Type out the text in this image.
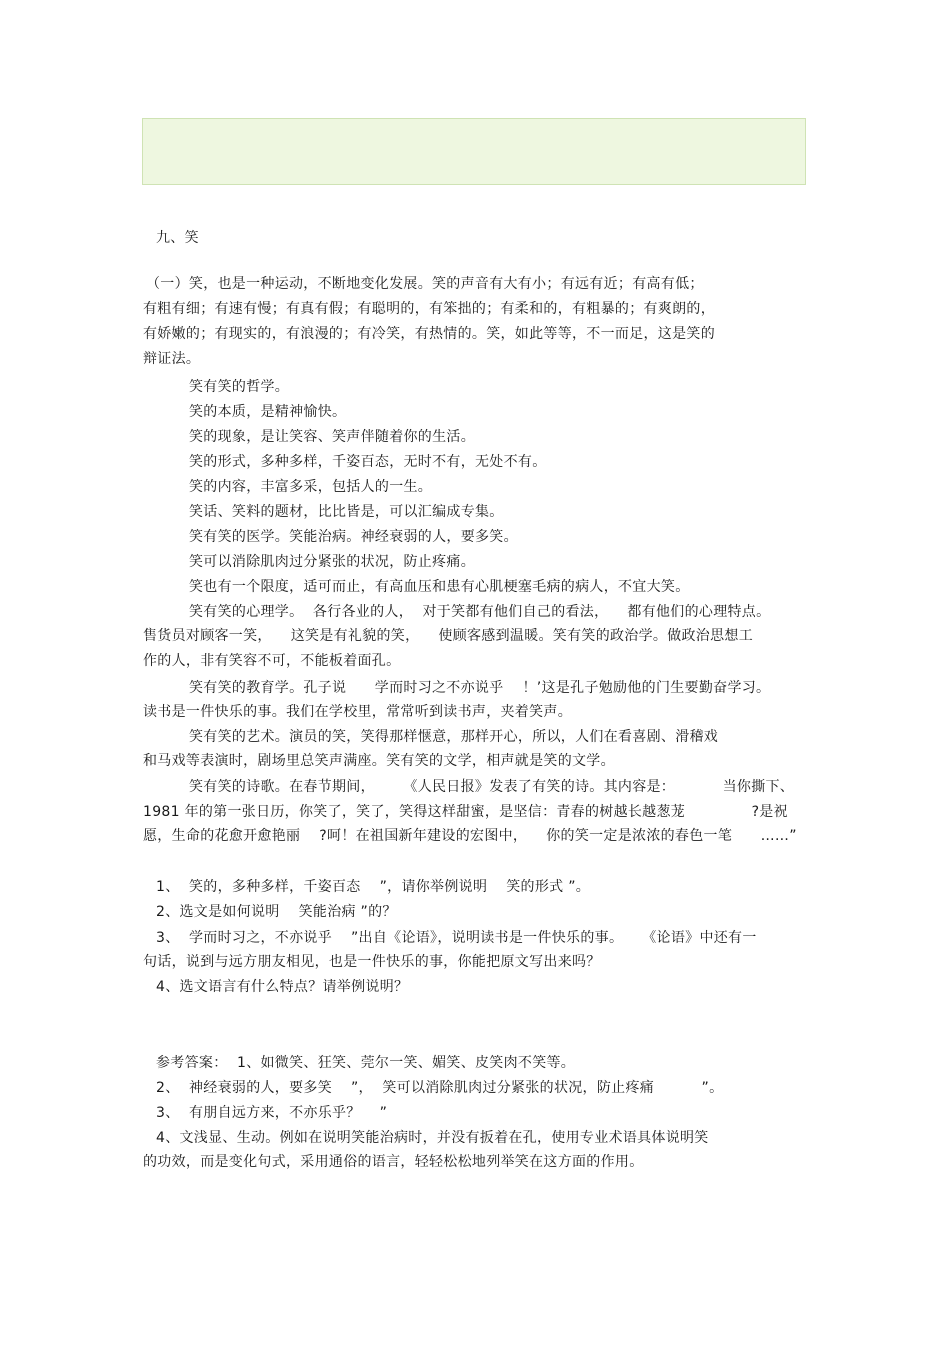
九、笑
（一）笑，也是一种运动，不断地变化发展。笑的声音有大有小；有远有近；有高有低；
有粗有细；有速有慢；有真有假；有聪明的，有笨拙的；有柔和的，有粗暴的；有爽朗的，
有娇嫩的；有现实的，有浪漫的；有冷笑，有热情的。笑，如此等等，不一而足，这是笑的
辩证法。
笑有笑的哲学。
笑的本质，是精神愉快。
笑的现象，是让笑容、笑声伴随着你的生活。
笑的形式，多种多样，千姿百态，无时不有，无处不有。
笑的内容，丰富多采，包括人的一生。
笑话、笑料的题材，比比皆是，可以汇编成专集。
笑有笑的医学。笑能治病。神经衰弱的人，要多笑。
笑可以消除肌肉过分紧张的状况，防止疼痛。
笑也有一个限度，适可而止，有高血压和患有心肌梗塞毛病的病人，不宜大笑。
笑有笑的心理学。  各行各业的人，  对于笑都有他们自己的看法，    都有他们的心理特点。
售货员对顾客一笑，    这笑是有礼貌的笑，    使顾客感到温暖。笑有笑的政治学。做政治思想工
作的人，非有笑容不可，不能板着面孔。
笑有笑的教育学。孔子说      学而时习之不亦说乎    ！’这是孔子勉励他的门生要勤奋学习。
读书是一件快乐的事。我们在学校里，常常听到读书声，夹着笑声。
笑有笑的艺术。演员的笑，笑得那样惬意，那样开心，所以，人们在看喜剧、滑稽戏
和马戏等表演时，剧场里总笑声满座。笑有笑的文学，相声就是笑的文学。
笑有笑的诗歌。在春节期间，      《人民日报》发表了有笑的诗。其内容是：          当你撕下、
1981 年的第一张日历，你笑了，笑了，笑得这样甜蜜，是坚信：青春的树越长越葱茏              ?是祝
愿，生命的花愈开愈艳丽    ?呵！在祖国新年建设的宏图中，    你的笑一定是浓浓的春色一笔      ……”
1、  笑的，多种多样，千姿百态    ”，请你举例说明    笑的形式 ”。
2、选文是如何说明    笑能治病 ”的？
3、  学而时习之，不亦说乎    ”出自《论语》，说明读书是一件快乐的事。    《论语》中还有一
句话，说到与远方朋友相见，也是一件快乐的事，你能把原文写出来吗？
4、选文语言有什么特点？请举例说明？
参考答案：  1、如微笑、狂笑、莞尔一笑、媚笑、皮笑肉不笑等。
2、  神经衰弱的人，要多笑    ”，  笑可以消除肌肉过分紧张的状况，防止疼痛          ”。
3、  有朋自远方来，不亦乐乎？    ”
4、文浅显、生动。例如在说明笑能治病时，并没有扳着在孔，使用专业术语具体说明笑
的功效，而是变化句式，采用通俗的语言，轻轻松松地列举笑在这方面的作用。
